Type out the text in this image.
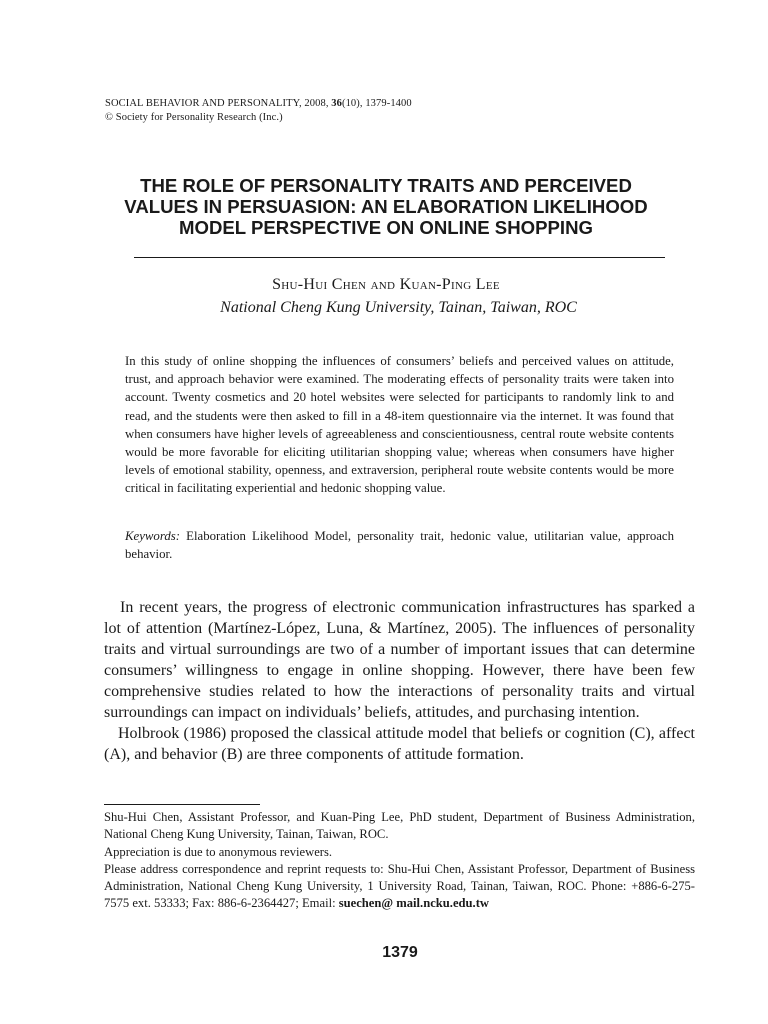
SOCIAL BEHAVIOR AND PERSONALITY, 2008, 36(10), 1379-1400
© Society for Personality Research (Inc.)
THE ROLE OF PERSONALITY TRAITS AND PERCEIVED
VALUES IN PERSUASION: AN ELABORATION LIKELIHOOD
MODEL PERSPECTIVE ON ONLINE SHOPPING
Shu-Hui Chen and Kuan-Ping Lee
National Cheng Kung University, Tainan, Taiwan, ROC
In this study of online shopping the influences of consumers’ beliefs and perceived values on attitude, trust, and approach behavior were examined. The moderating effects of personality traits were taken into account. Twenty cosmetics and 20 hotel websites were selected for participants to randomly link to and read, and the students were then asked to fill in a 48-item questionnaire via the internet. It was found that when consumers have higher levels of agreeableness and conscientiousness, central route website contents would be more favorable for eliciting utilitarian shopping value; whereas when consumers have higher levels of emotional stability, openness, and extraversion, peripheral route website contents would be more critical in facilitating experiential and hedonic shopping value.
Keywords: Elaboration Likelihood Model, personality trait, hedonic value, utilitarian value, approach behavior.

In recent years, the progress of electronic communication infrastructures has sparked a lot of attention (Martínez-López, Luna, & Martínez, 2005). The influences of personality traits and virtual surroundings are two of a number of important issues that can determine consumers’ willingness to engage in online shopping. However, there have been few comprehensive studies related to how the interactions of personality traits and virtual surroundings can impact on individuals’ beliefs, attitudes, and purchasing intention.

Holbrook (1986) proposed the classical attitude model that beliefs or cognition (C), affect (A), and behavior (B) are three components of attitude formation.

Shu-Hui Chen, Assistant Professor, and Kuan-Ping Lee, PhD student, Department of Business Administration, National Cheng Kung University, Tainan, Taiwan, ROC.

Appreciation is due to anonymous reviewers.

Please address correspondence and reprint requests to: Shu-Hui Chen, Assistant Professor, Department of Business Administration, National Cheng Kung University, 1 University Road, Tainan, Taiwan, ROC. Phone: +886-6-275-7575 ext. 53333; Fax: 886-6-2364427; Email: suechen@ mail.ncku.edu.tw

1379
